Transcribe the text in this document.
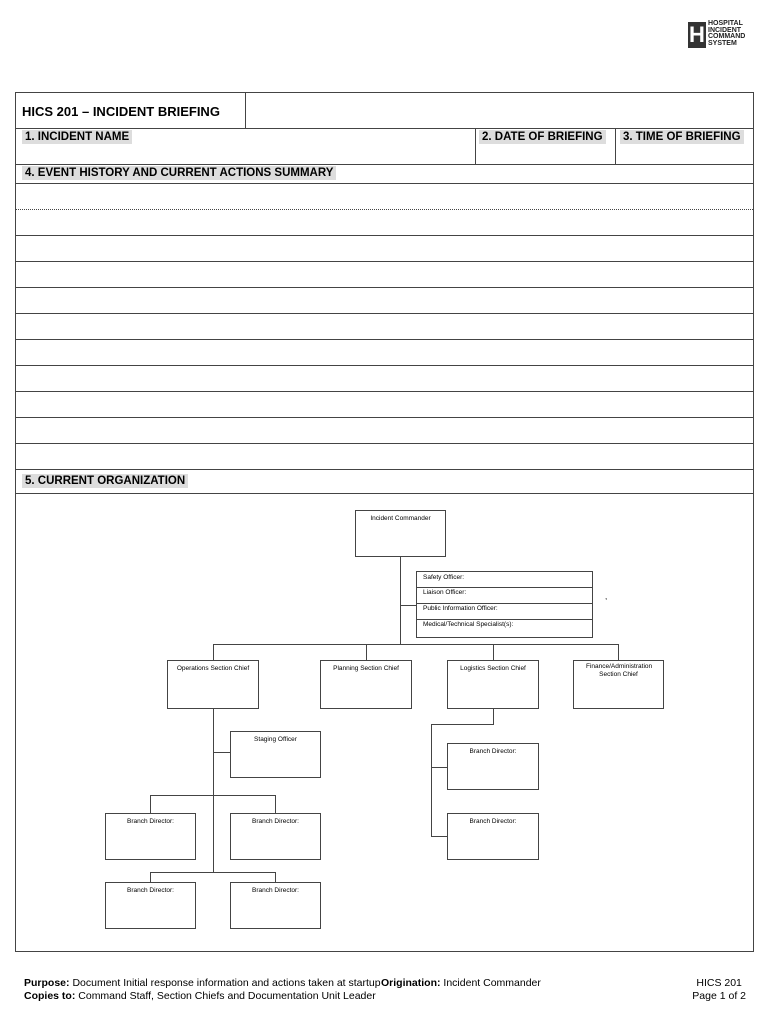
H HOSPITAL
INCIDENT
COMMAND
SYSTEM
HICS 201 – INCIDENT BRIEFING
1. INCIDENT NAME	2. DATE OF BRIEFING 3. TIME OF BRIEFING
4. EVENT HISTORY AND CURRENT ACTIONS SUMMARY
5. CURRENT ORGANIZATION
Incident Commander
Safety Officer:
Liaison Officer:
Public Information Officer:
Medical/Technical Specialist(s):
,
Operations Section Chief	Planning Section Chief	Logistics Section Chief	Finance/Administration Section Chief
Staging Officer
Branch Director:
Branch Director:
Branch Director:	Branch Director:
Branch Director:	Branch Director:
Purpose: Document Initial response information and actions taken at startup
Copies to: Command Staff, Section Chiefs and Documentation Unit Leader
Origination: Incident Commander	HICS 201
Page 1 of 2
